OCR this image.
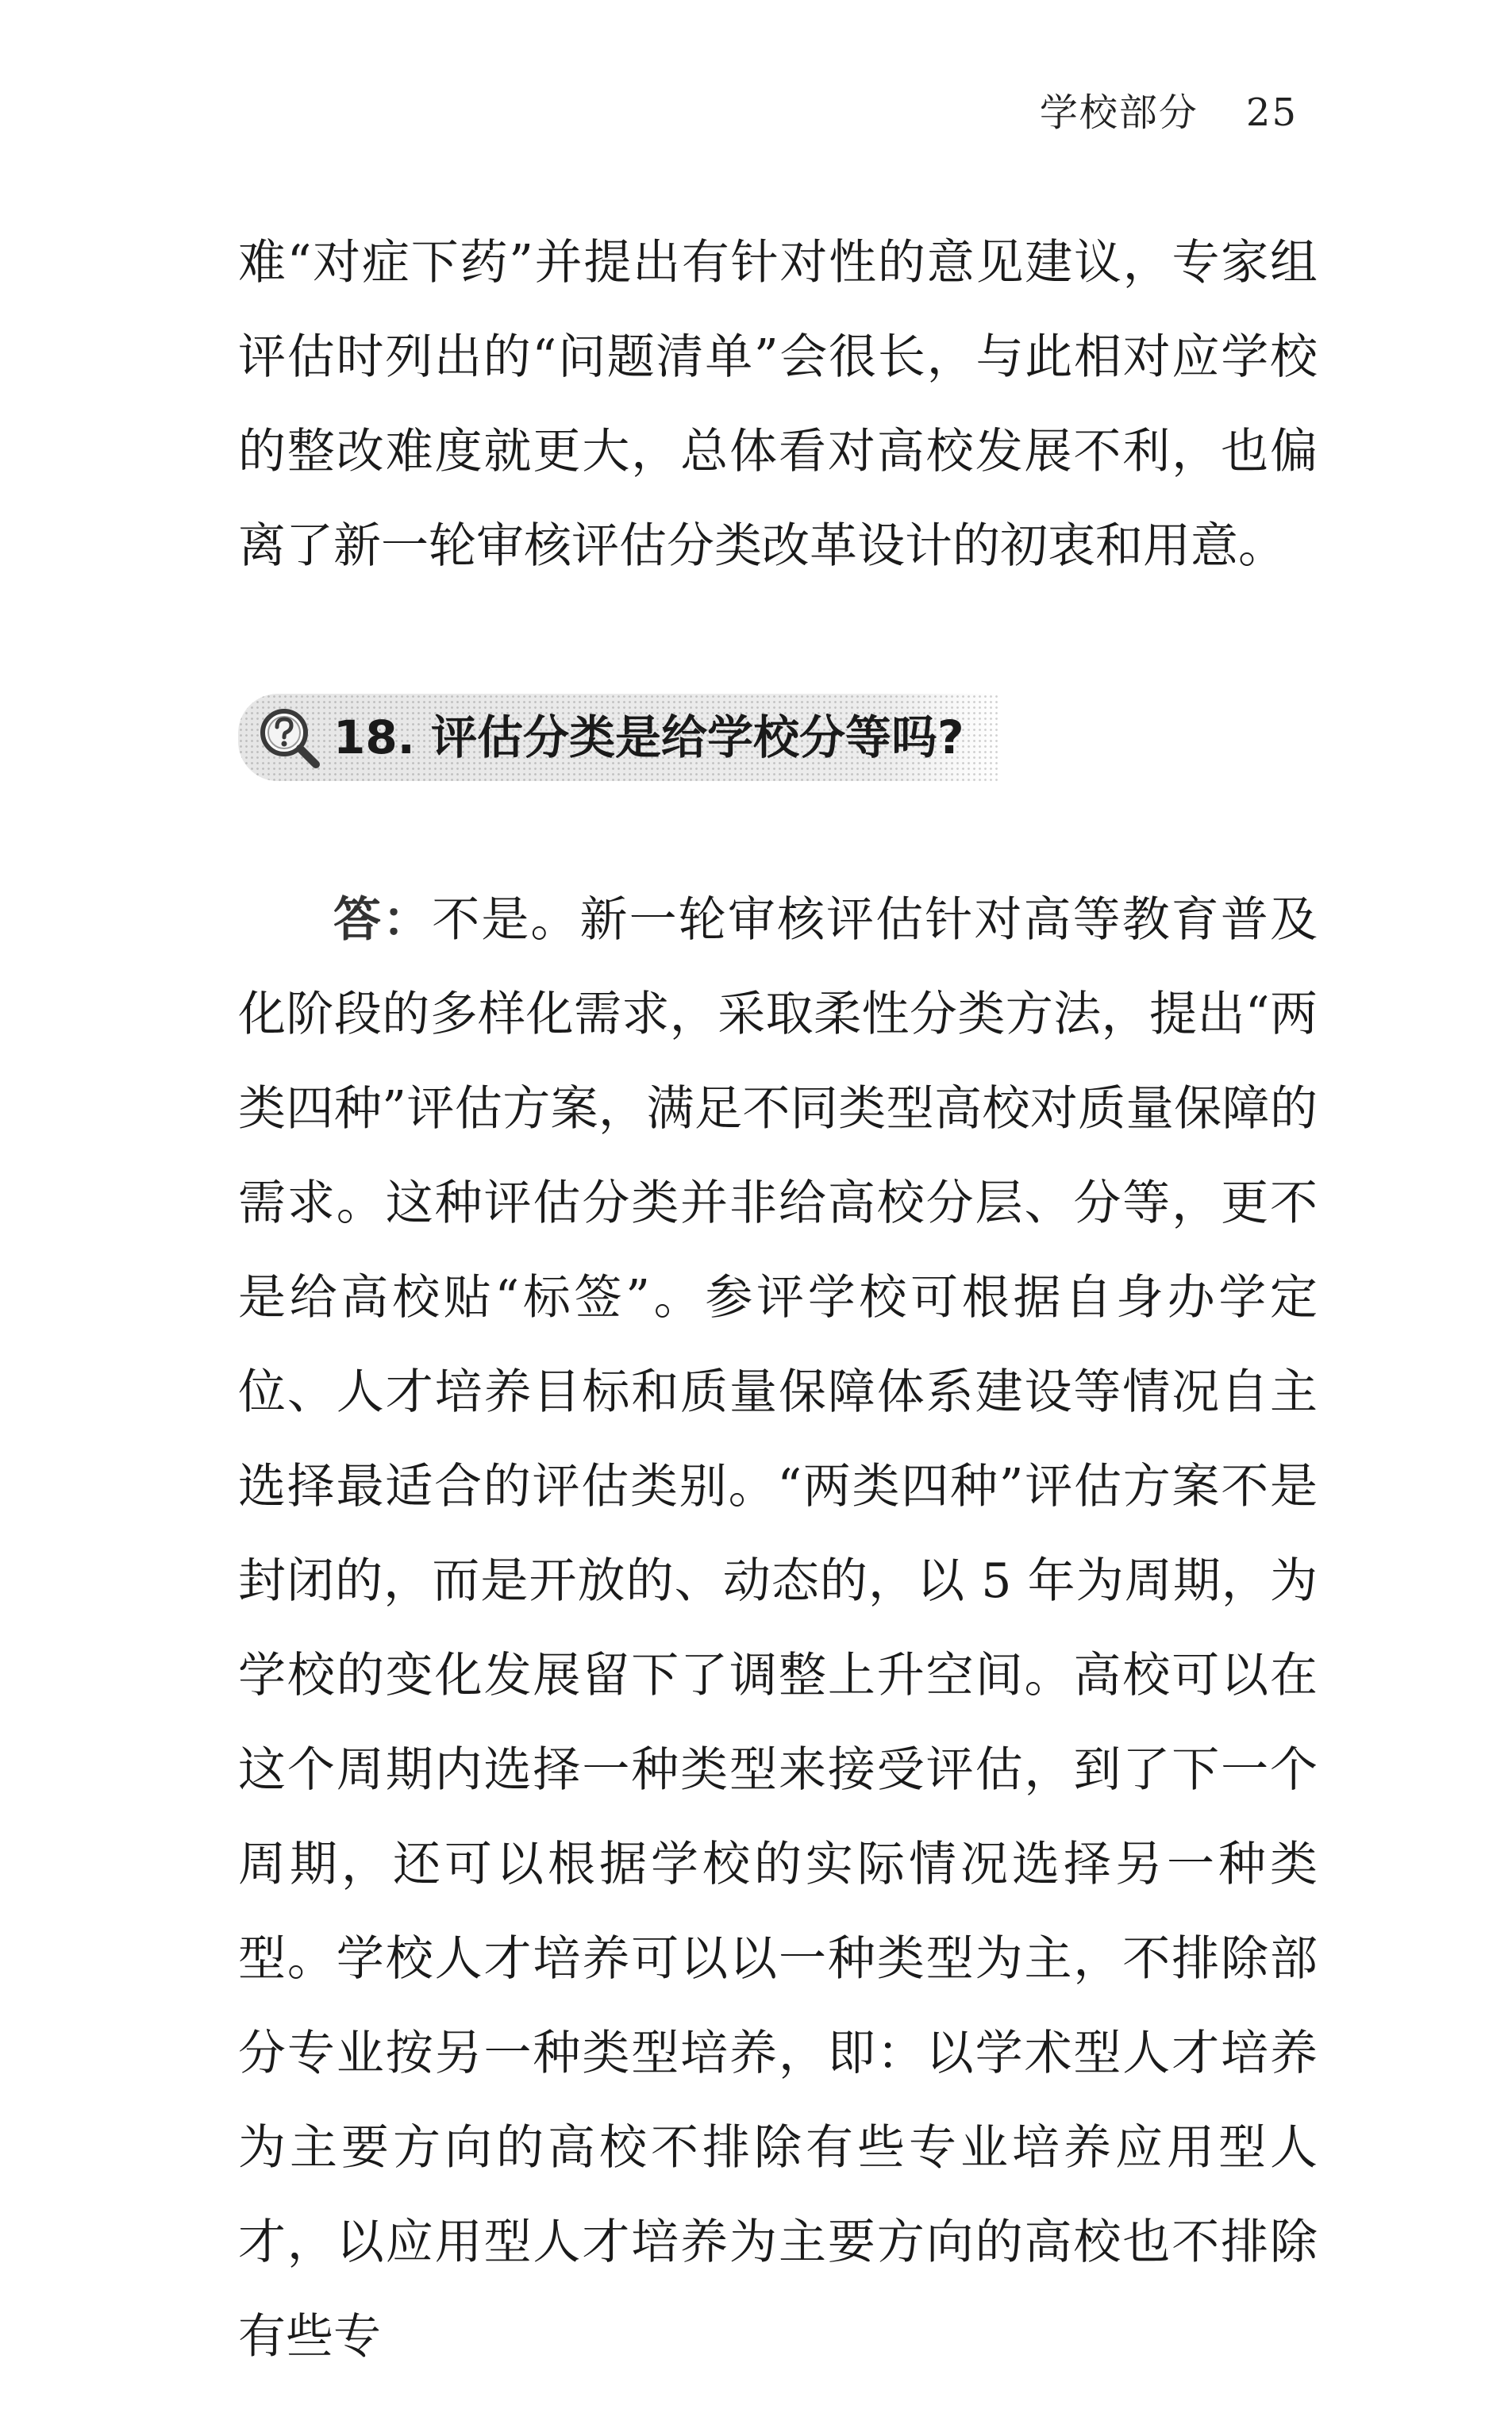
学校部分 25

难“对症下药”并提出有针对性的意见建议，专家组评估时列出的“问题清单”会很长，与此相对应学校的整改难度就更大，总体看对高校发展不利，也偏离了新一轮审核评估分类改革设计的初衷和用意。

18. 评估分类是给学校分等吗?

答：不是。新一轮审核评估针对高等教育普及化阶段的多样化需求，采取柔性分类方法，提出“两类四种”评估方案，满足不同类型高校对质量保障的需求。这种评估分类并非给高校分层、分等，更不是给高校贴“标签”。参评学校可根据自身办学定位、人才培养目标和质量保障体系建设等情况自主选择最适合的评估类别。“两类四种”评估方案不是封闭的，而是开放的、动态的，以 5 年为周期，为学校的变化发展留下了调整上升空间。高校可以在这个周期内选择一种类型来接受评估，到了下一个周期，还可以根据学校的实际情况选择另一种类型。学校人才培养可以以一种类型为主，不排除部分专业按另一种类型培养，即：以学术型人才培养为主要方向的高校不排除有些专业培养应用型人才，以应用型人才培养为主要方向的高校也不排除有些专
